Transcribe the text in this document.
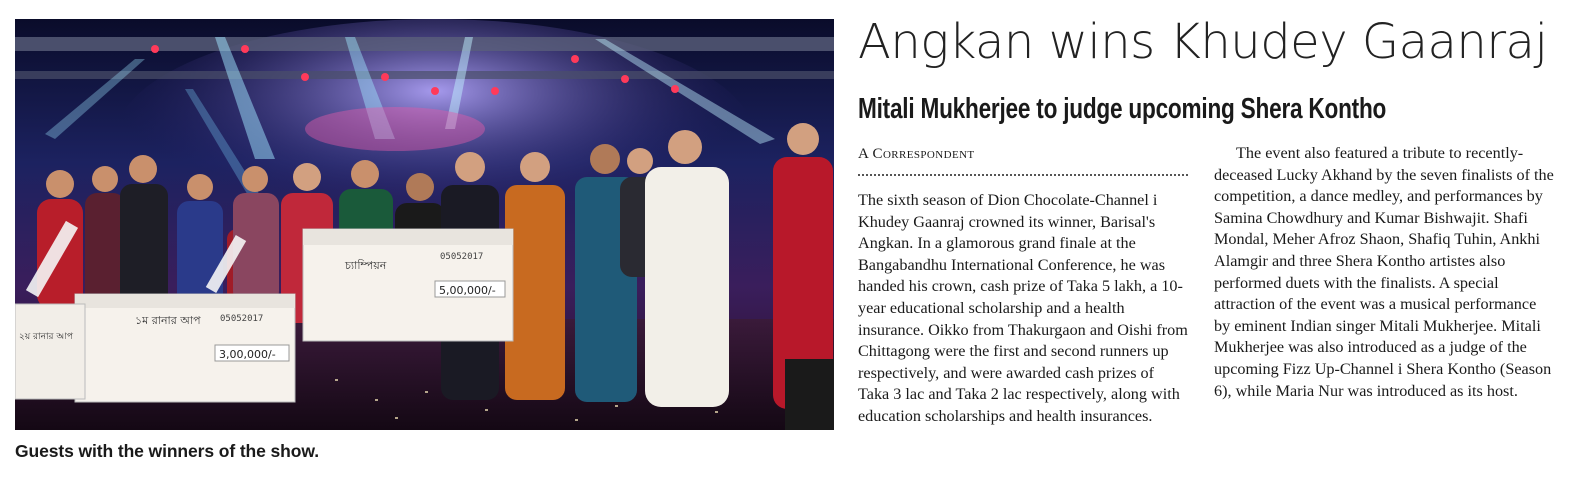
চ্যাম্পিয়ন
5,00,000/-
05052017
১ম রানার আপ
3,00,000/-
05052017
২য় রানার আপ
Guests with the winners of the show.
Angkan wins Khudey Gaanraj
Mitali Mukherjee to judge upcoming Shera Kontho
A Correspondent
The sixth season of Dion Chocolate-Channel i Khudey Gaanraj crowned its winner, Barisal's Angkan. In a glamorous grand finale at the Bangabandhu International Conference, he was handed his crown, cash prize of Taka 5 lakh, a 10-year educational scholarship and a health insurance. Oikko from Thakurgaon and Oishi from Chittagong were the first and second runners up respectively, and were awarded cash prizes of Taka 3 lac and Taka 2 lac respectively, along with education scholarships and health insurances.
The event also featured a tribute to recently-deceased Lucky Akhand by the seven finalists of the competition, a dance medley, and performances by Samina Chowdhury and Kumar Bishwajit. Shafi Mondal, Meher Afroz Shaon, Shafiq Tuhin, Ankhi Alamgir and three Shera Kontho artistes also performed duets with the finalists. A special attraction of the event was a musical performance by eminent Indian singer Mitali Mukherjee. Mitali Mukherjee was also introduced as a judge of the upcoming Fizz Up-Channel i Shera Kontho (Season 6), while Maria Nur was introduced as its host.
